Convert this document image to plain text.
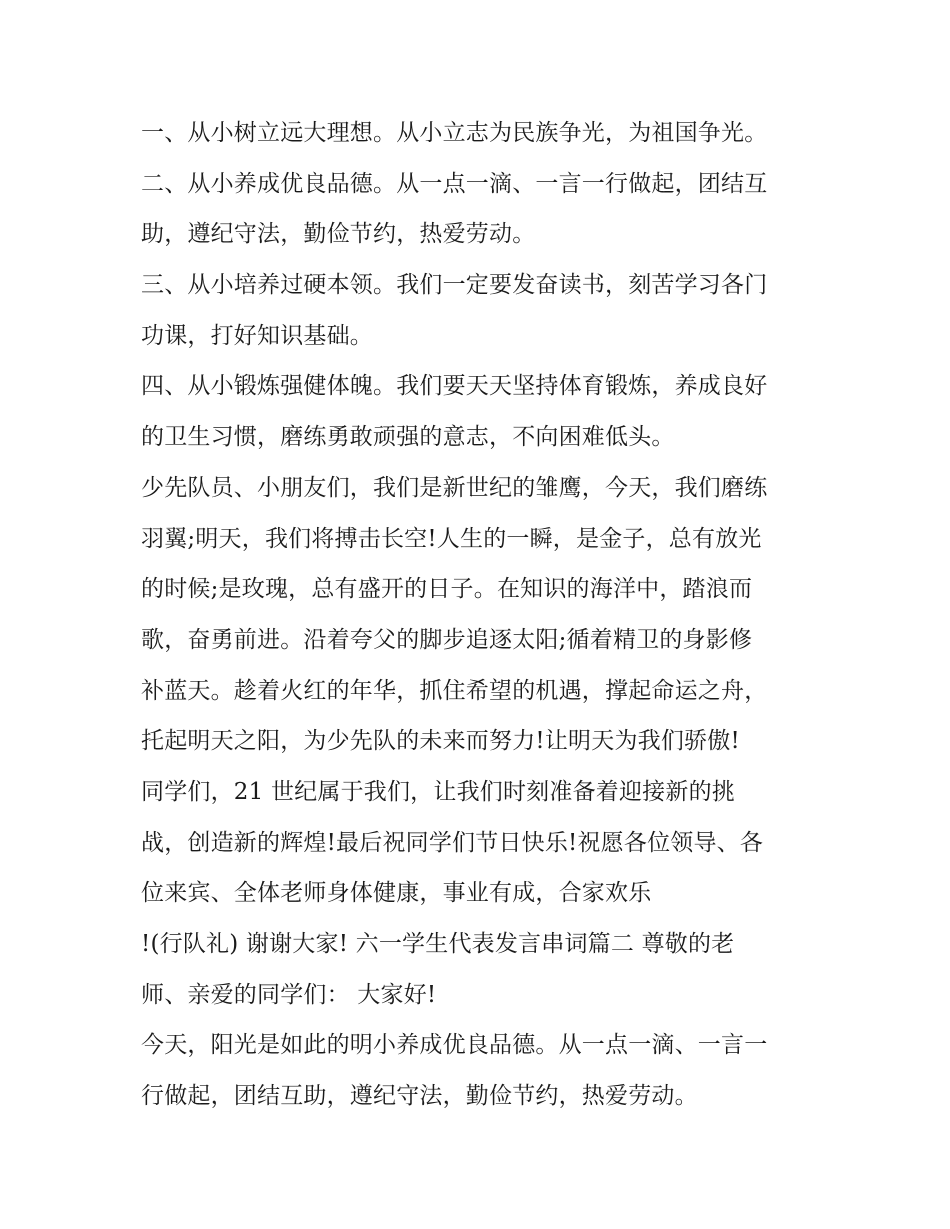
一、从小树立远大理想。从小立志为民族争光，为祖国争光。
二、从小养成优良品德。从一点一滴、一言一行做起，团结互
助，遵纪守法，勤俭节约，热爱劳动。
三、从小培养过硬本领。我们一定要发奋读书，刻苦学习各门
功课，打好知识基础。
四、从小锻炼强健体魄。我们要天天坚持体育锻炼，养成良好
的卫生习惯，磨练勇敢顽强的意志，不向困难低头。
少先队员、小朋友们，我们是新世纪的雏鹰，今天，我们磨练
羽翼;明天，我们将搏击长空!人生的一瞬，是金子，总有放光
的时候;是玫瑰，总有盛开的日子。在知识的海洋中，踏浪而
歌，奋勇前进。沿着夸父的脚步追逐太阳;循着精卫的身影修
补蓝天。趁着火红的年华，抓住希望的机遇，撑起命运之舟，
托起明天之阳，为少先队的未来而努力!让明天为我们骄傲!
同学们，21 世纪属于我们，让我们时刻准备着迎接新的挑
战，创造新的辉煌!最后祝同学们节日快乐!祝愿各位领导、各
位来宾、全体老师身体健康，事业有成，合家欢乐
!(行队礼) 谢谢大家! 六一学生代表发言串词篇二 尊敬的老
师、亲爱的同学们： 大家好!
今天，阳光是如此的明小养成优良品德。从一点一滴、一言一
行做起，团结互助，遵纪守法，勤俭节约，热爱劳动。
